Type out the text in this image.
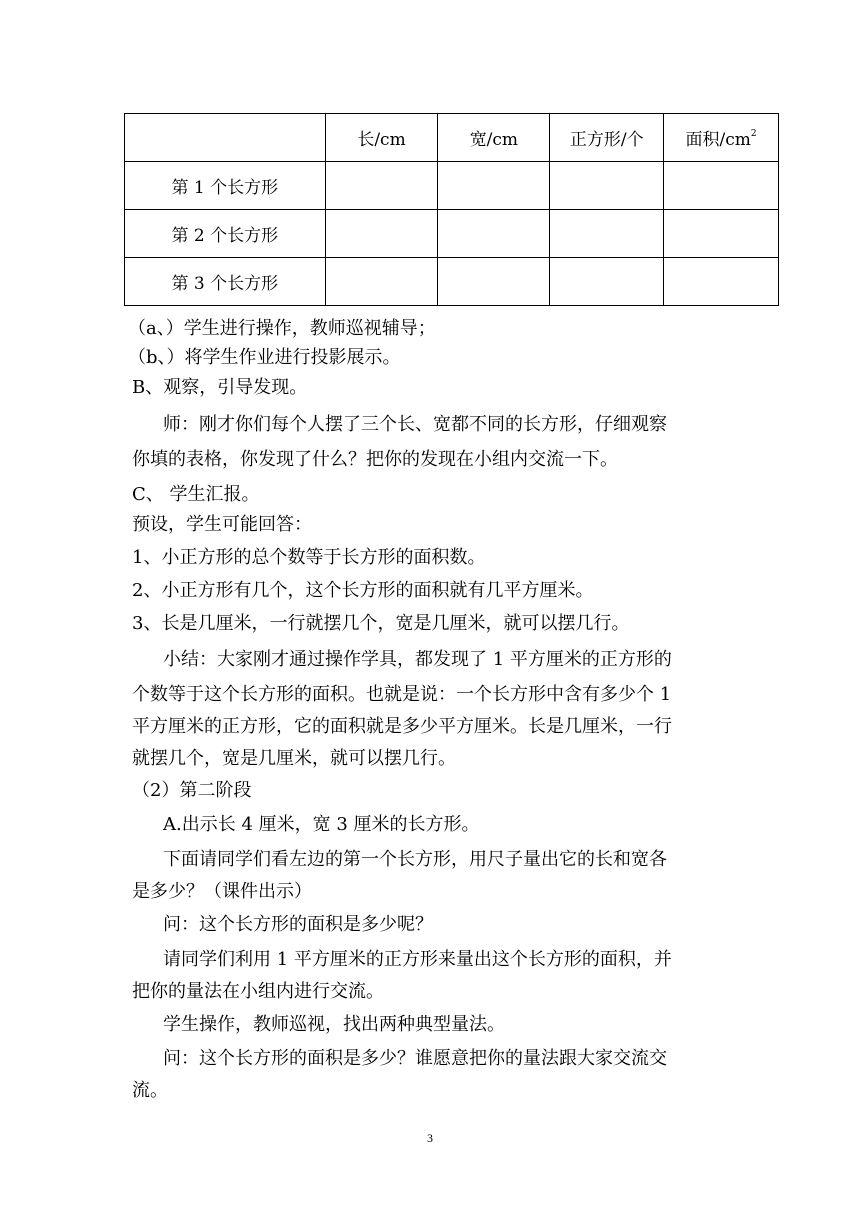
	长/cm	宽/cm	正方形/个	面积$/cm^2$
第 1 个长方形				
第 2 个长方形				
第 3 个长方形				
（a、）学生进行操作，教师巡视辅导；
（b、）将学生作业进行投影展示。
B、观察，引导发现。
师：刚才你们每个人摆了三个长、宽都不同的长方形，仔细观察
你填的表格，你发现了什么？把你的发现在小组内交流一下。
C、 学生汇报。
预设，学生可能回答：
1、小正方形的总个数等于长方形的面积数。
2、小正方形有几个，这个长方形的面积就有几平方厘米。
3、长是几厘米，一行就摆几个，宽是几厘米，就可以摆几行。
小结：大家刚才通过操作学具，都发现了 1 平方厘米的正方形的
个数等于这个长方形的面积。也就是说：一个长方形中含有多少个 1
平方厘米的正方形，它的面积就是多少平方厘米。长是几厘米，一行
就摆几个，宽是几厘米，就可以摆几行。
（2）第二阶段
A.出示长 4 厘米，宽 3 厘米的长方形。
下面请同学们看左边的第一个长方形，用尺子量出它的长和宽各
是多少？（课件出示）
问：这个长方形的面积是多少呢？
请同学们利用 1 平方厘米的正方形来量出这个长方形的面积，并
把你的量法在小组内进行交流。
学生操作，教师巡视，找出两种典型量法。
问：这个长方形的面积是多少？谁愿意把你的量法跟大家交流交
流。
3
